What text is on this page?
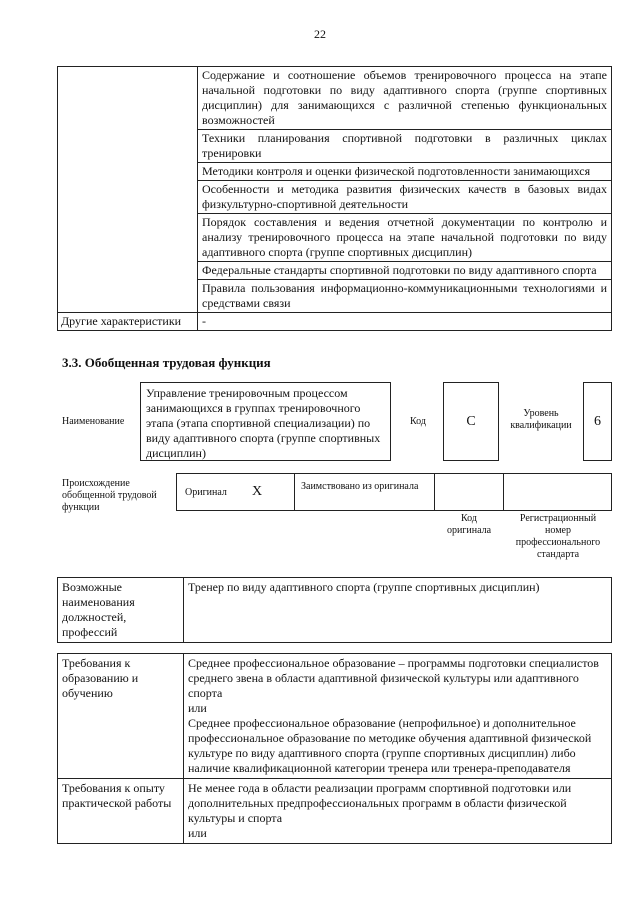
22
	Содержание и соотношение объемов тренировочного процесса на этапе начальной подготовки по виду адаптивного спорта (группе спортивных дисциплин) для занимающихся с различной степенью функциональных возможностей
	Техники планирования спортивной подготовки в различных циклах тренировки
	Методики контроля и оценки физической подготовленности занимающихся
	Особенности и методика развития физических качеств в базовых видах физкультурно-спортивной деятельности
	Порядок составления и ведения отчетной документации по контролю и анализу тренировочного процесса на этапе начальной подготовки по виду адаптивного спорта (группе спортивных дисциплин)
	Федеральные стандарты спортивной подготовки по виду адаптивного спорта
	Правила пользования информационно-коммуникационными технологиями и средствами связи
Другие характеристики	-
3.3. Обобщенная трудовая функция
Наименование
Управление тренировочным процессом занимающихся в группах тренировочного этапа (этапа спортивной специализации) по виду адаптивного спорта (группе спортивных дисциплин)
Код	C	Уровень квалификации	6
Происхождение обобщенной трудовой функции
Оригинал X	Заимствовано из оригинала
Код оригинала
Регистрационный номер профессионального стандарта
Возможные наименования должностей, профессий	Тренер по виду адаптивного спорта (группе спортивных дисциплин)
Требования к образованию и обучению	Среднее профессиональное образование – программы подготовки специалистов среднего звена в области адаптивной физической культуры или адаптивного спорта
или
Среднее профессиональное образование (непрофильное) и дополнительное профессиональное образование по методике обучения адаптивной физической культуре по виду адаптивного спорта (группе спортивных дисциплин) либо наличие квалификационной категории тренера или тренера-преподавателя

Требования к опыту практической работы	Не менее года в области реализации программ спортивной подготовки или дополнительных предпрофессиональных программ в области физической культуры и спорта
или
